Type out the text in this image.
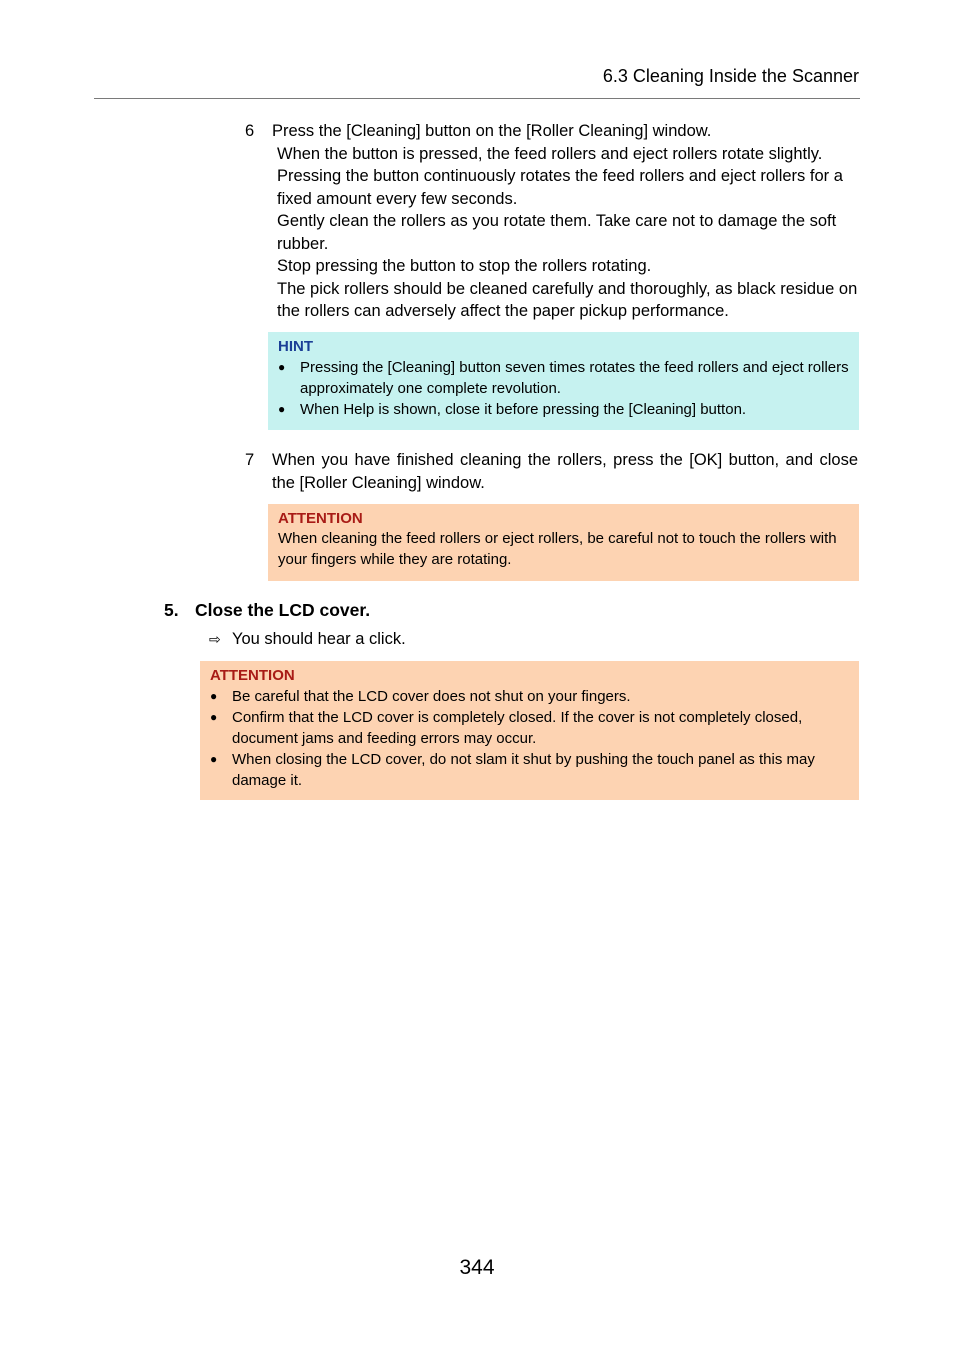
6.3 Cleaning Inside the Scanner
6 Press the [Cleaning] button on the [Roller Cleaning] window.

When the button is pressed, the feed rollers and eject rollers rotate slightly. Pressing the button continuously rotates the feed rollers and eject rollers for a fixed amount every few seconds.

Gently clean the rollers as you rotate them. Take care not to damage the soft rubber.

Stop pressing the button to stop the rollers rotating.

The pick rollers should be cleaned carefully and thoroughly, as black residue on the rollers can adversely affect the paper pickup performance.

HINT
● Pressing the [Cleaning] button seven times rotates the feed rollers and eject rollers approximately one complete revolution.
● When Help is shown, close it before pressing the [Cleaning] button.
7 When you have finished cleaning the rollers, press the [OK] button, and close the [Roller Cleaning] window.
ATTENTION
When cleaning the feed rollers or eject rollers, be careful not to touch the rollers with your fingers while they are rotating.
5. Close the LCD cover.
⇨ You should hear a click.
ATTENTION
● Be careful that the LCD cover does not shut on your fingers.
● Confirm that the LCD cover is completely closed. If the cover is not completely closed, document jams and feeding errors may occur.
● When closing the LCD cover, do not slam it shut by pushing the touch panel as this may damage it.
344
